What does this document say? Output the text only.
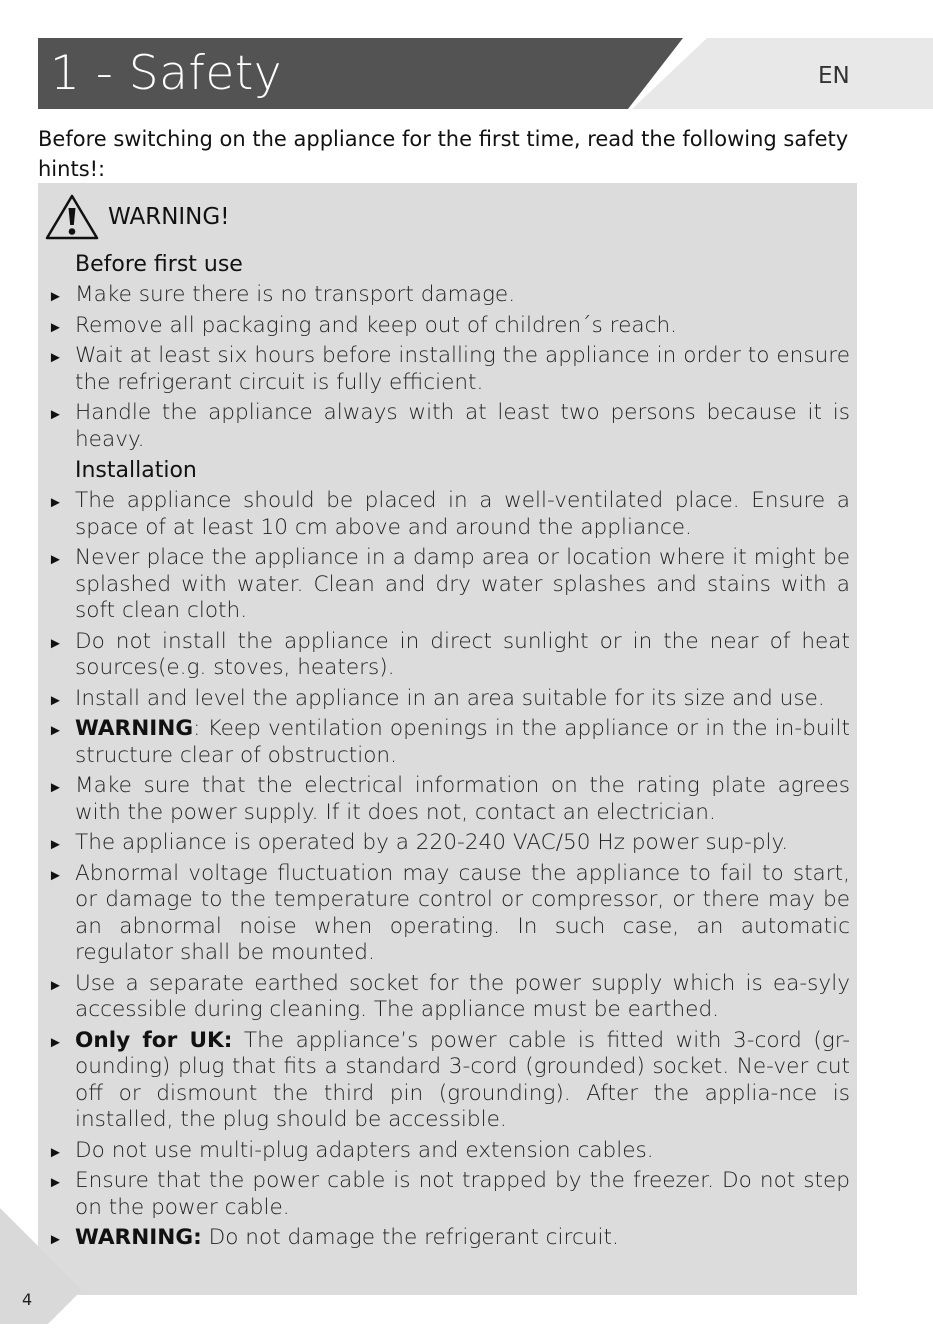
1 - Safety	EN
Before switching on the appliance for the first time, read the following safety hints!:
WARNING!
Before first use
► Make sure there is no transport damage.
► Remove all packaging and keep out of children´s reach.
► Wait at least six hours before installing the appliance in order to ensure the refrigerant circuit is fully efficient.
► Handle the appliance always with at least two persons because it is heavy.
Installation
► The appliance should be placed in a well-ventilated place. Ensure a space of at least 10 cm above and around the appliance.
► Never place the appliance in a damp area or location where it might be splashed with water. Clean and dry water splashes and stains with a soft clean cloth.
► Do not install the appliance in direct sunlight or in the near of heat sources(e.g. stoves, heaters).
► Install and level the appliance in an area suitable for its size and use.
► WARNING: Keep ventilation openings in the appliance or in the in-built structure clear of obstruction.
► Make sure that the electrical information on the rating plate agrees with the power supply. If it does not, contact an electrician.
► The appliance is operated by a 220-240 VAC/50 Hz power sup-ply.
► Abnormal voltage fluctuation may cause the appliance to fail to start, or damage to the temperature control or compressor, or there may be an abnormal noise when operating. In such case, an automatic regulator shall be mounted.
► Use a separate earthed socket for the power supply which is ea-syly accessible during cleaning. The appliance must be earthed.
► Only for UK: The appliance’s power cable is fitted with 3-cord (gr-ounding) plug that fits a standard 3-cord (grounded) socket. Ne-ver cut off or dismount the third pin (grounding). After the applia-nce is installed, the plug should be accessible.
► Do not use multi-plug adapters and extension cables.
► Ensure that the power cable is not trapped by the freezer. Do not step on the power cable.
► WARNING: Do not damage the refrigerant circuit.
4
